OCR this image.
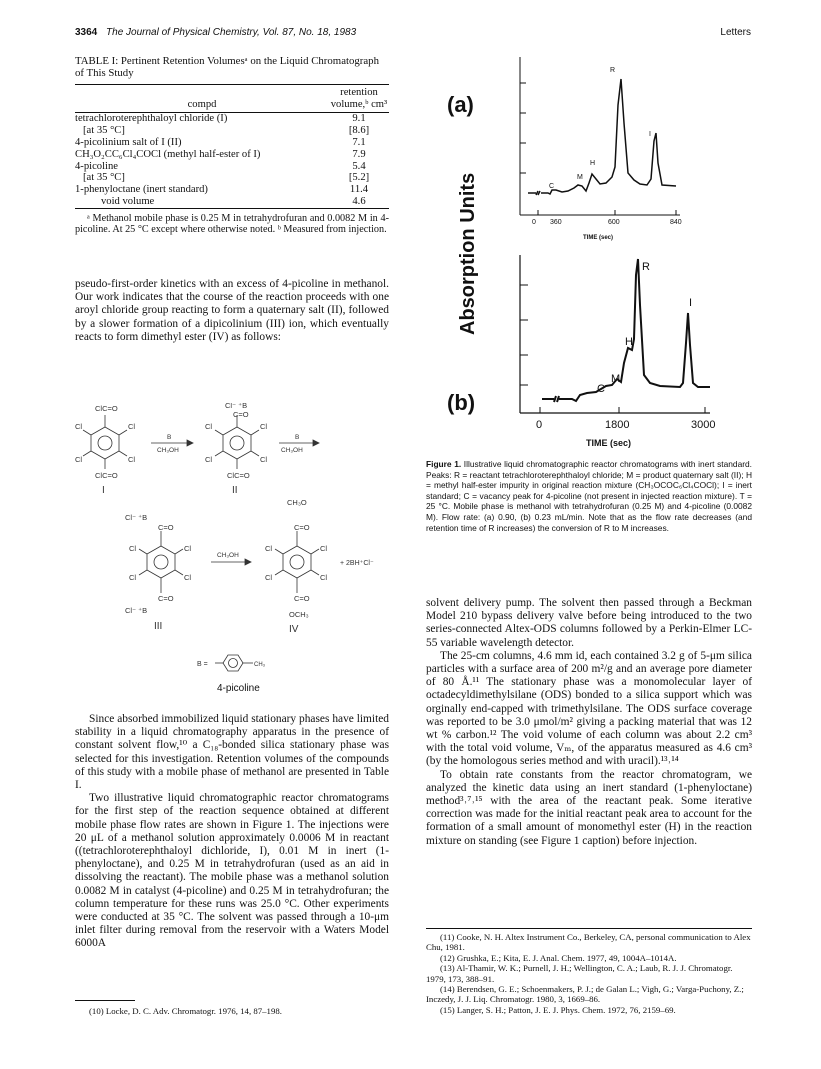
3364 The Journal of Physical Chemistry, Vol. 87, No. 18, 1983	Letters
TABLE I: Pertinent Retention Volumesᵃ on the Liquid Chromatograph of This Study
compd	retention volume,ᵇ cm³

tetrachloroterephthaloyl chloride (I)	9.1
[at 35 °C]	[8.6]
4-picolinium salt of I (II)	7.1
CH₃O₂CC₆Cl₄COCl (methyl half-ester of I)	7.9
4-picoline	5.4
[at 35 °C]	[5.2]
1-phenyloctane (inert standard)	11.4
void volume	4.6

ᵃ Methanol mobile phase is 0.25 M in tetrahydrofuran and 0.0082 M in 4-picoline. At 25 °C except where otherwise noted. ᵇ Measured from injection.

pseudo-first-order kinetics with an excess of 4-picoline in methanol. Our work indicates that the course of the reaction proceeds with one aroyl chloride group reacting to form a quaternary salt (II), followed by a slower formation of a dipicolinium (III) ion, which eventually reacts to form dimethyl ester (IV) as follows:

ClC=O
ClC=O
Cl	Cl
Cl	Cl
I
B
CH₃OH
Cl⁻ ⁺B
C=O
ClC=O
Cl	Cl
Cl	Cl
II
B
CH₃OH
Cl⁻ ⁺B
C=O
C=O
Cl⁻ ⁺B
Cl	Cl
Cl	Cl
III
CH₃OH
CH₃O
C=O
C=O
OCH₃
Cl	Cl
Cl	Cl
IV
+ 2BH⁺Cl⁻
B =	CH₃
4-picoline

Since absorbed immobilized liquid stationary phases have limited stability in a liquid chromatography apparatus in the presence of constant solvent flow,¹⁰ a C₁₈-bonded silica stationary phase was selected for this investigation. Retention volumes of the compounds of this study with a mobile phase of methanol are presented in Table I.

Two illustrative liquid chromatographic reactor chromatograms for the first step of the reaction sequence obtained at different mobile phase flow rates are shown in Figure 1. The injections were 20 μL of a methanol solution approximately 0.0006 M in reactant ((tetrachloroterephthaloyl dichloride, I), 0.01 M in inert (1-phenyloctane), and 0.25 M in tetrahydrofuran (used as an aid in dissolving the reactant). The mobile phase was a methanol solution 0.0082 M in catalyst (4-picoline) and 0.25 M in tetrahydrofuran; the column temperature for these runs was 25.0 °C. Other experiments were conducted at 35 °C. The solvent was passed through a 10-μm inlet filter during removal from the reservoir with a Waters Model 6000A

(10) Locke, D. C. Adv. Chromatogr. 1976, 14, 87–198.
Absorption Units
(a)
(b)
0 360	600	840
TIME (sec)
C
M
H
R
I
0	1800	3000
TIME (sec)
C
M
H
R
I
Figure 1. Illustrative liquid chromatographic reactor chromatograms with inert standard. Peaks: R = reactant tetrachloroterephthaloyl chloride; M = product quaternary salt (II); H = methyl half-ester impurity in original reaction mixture (CH₃OCOC₆Cl₄COCl); I = inert standard; C = vacancy peak for 4-picoline (not present in injected reaction mixture). T = 25 °C. Mobile phase is methanol with tetrahydrofuran (0.25 M) and 4-picoline (0.0082 M). Flow rate: (a) 0.90, (b) 0.23 mL/min. Note that as the flow rate decreases (and retention time of R increases) the conversion of R to M increases.

solvent delivery pump. The solvent then passed through a Beckman Model 210 bypass delivery valve before being introduced to the two series-connected Altex-ODS columns followed by a Perkin-Elmer LC-55 variable wavelength detector.

The 25-cm columns, 4.6 mm id, each contained 3.2 g of 5-μm silica particles with a surface area of 200 m²/g and an average pore diameter of 80 Å.¹¹ The stationary phase was a monomolecular layer of octadecyldimethylsilane (ODS) bonded to a silica support which was orginally end-capped with trimethylsilane. The ODS surface coverage was reported to be 3.0 μmol/m² giving a packing material that was 12 wt % carbon.¹² The void volume of each column was about 2.2 cm³ with the total void volume, Vₘ, of the apparatus measured as 4.6 cm³ (by the homologous series method and with uracil).¹³˒¹⁴

To obtain rate constants from the reactor chromatogram, we analyzed the kinetic data using an inert standard (1-phenyloctane) method³˒⁷˒¹⁵ with the area of the reactant peak. Some iterative correction was made for the initial reactant peak area to account for the formation of a small amount of monomethyl ester (H) in the reaction mixture on standing (see Figure 1 caption) before injection.

(11) Cooke, N. H. Altex Instrument Co., Berkeley, CA, personal communication to Alex Chu, 1981.
(12) Grushka, E.; Kita, E. J. Anal. Chem. 1977, 49, 1004A–1014A.
(13) Al-Thamir, W. K.; Purnell, J. H.; Wellington, C. A.; Laub, R. J. J. Chromatogr. 1979, 173, 388–91.
(14) Berendsen, G. E.; Schoenmakers, P. J.; de Galan L.; Vigh, G.; Varga-Puchony, Z.; Inczedy, J. J. Liq. Chromatogr. 1980, 3, 1669–86.
(15) Langer, S. H.; Patton, J. E. J. Phys. Chem. 1972, 76, 2159–69.
